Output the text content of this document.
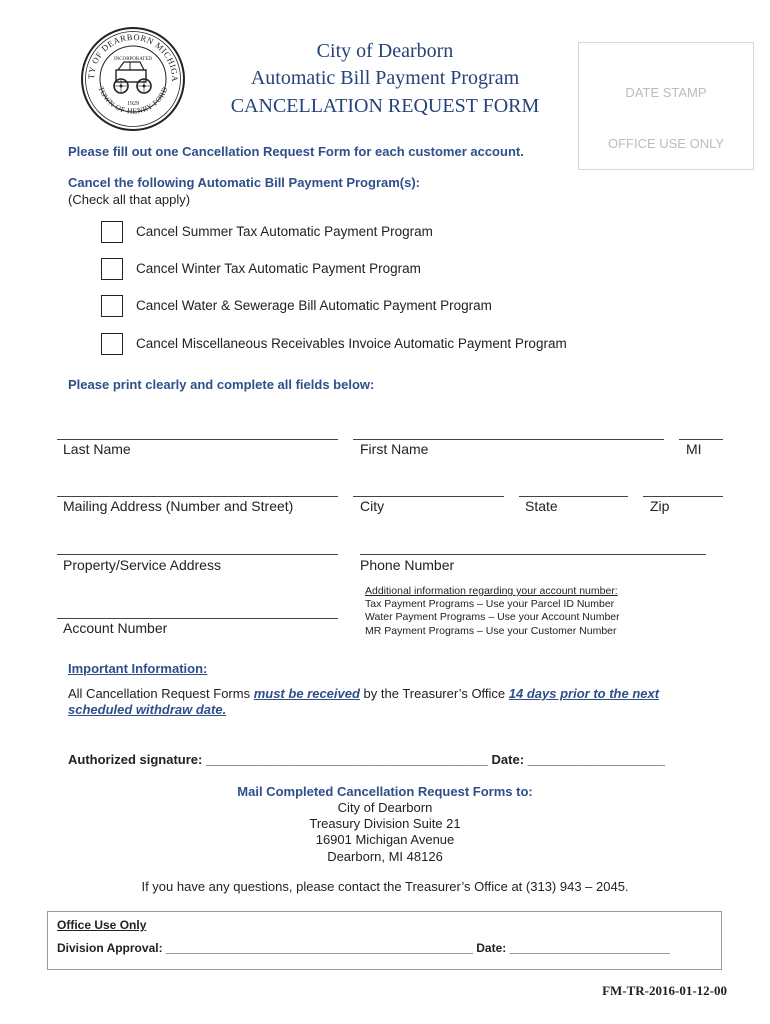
TY OF DEARBORN MICHIGA
TOWN OF HENRY FORD
INCORPORATED
1929
City of Dearborn
Automatic Bill Payment Program
CANCELLATION REQUEST FORM
DATE STAMP
OFFICE USE ONLY
Please fill out one Cancellation Request Form for each customer account.
Cancel the following Automatic Bill Payment Program(s):
(Check all that apply)
Cancel Summer Tax Automatic Payment Program
Cancel Winter Tax Automatic Payment Program
Cancel Water & Sewerage Bill Automatic Payment Program
Cancel Miscellaneous Receivables Invoice Automatic Payment Program
Please print clearly and complete all fields below:
Last Name	First Name	MI
Mailing Address (Number and Street)	City	State	Zip
Property/Service Address	Phone Number
Account Number
Additional information regarding your account number:
Tax Payment Programs – Use your Parcel ID Number
Water Payment Programs – Use your Account Number
MR Payment Programs – Use your Customer Number
Important Information:
All Cancellation Request Forms must be received by the Treasurer’s Office 14 days prior to the next
scheduled withdraw date.
Authorized signature: _______________________________________ Date: ___________________
Mail Completed Cancellation Request Forms to:
City of Dearborn
Treasury Division Suite 21
16901 Michigan Avenue
Dearborn, MI 48126
If you have any questions, please contact the Treasurer’s Office at (313) 943 – 2045.
Office Use Only
Division Approval: ______________________________________________ Date: ________________________
FM-TR-2016-01-12-00
